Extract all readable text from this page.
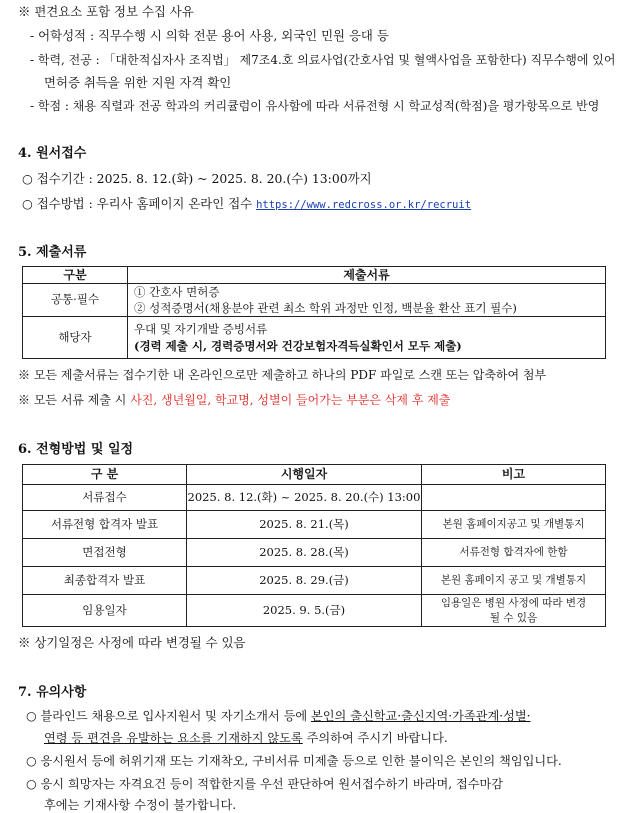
※ 편견요소 포함 정보 수집 사유
- 어학성적 : 직무수행 시 의학 전문 용어 사용, 외국인 민원 응대 등
- 학력, 전공 : 「대한적십자사 조직법」 제7조4.호 의료사업(간호사업 및 혈액사업을 포함한다) 직무수행에 있어
면허증 취득을 위한 지원 자격 확인
- 학점 : 채용 직렬과 전공 학과의 커리큘럼이 유사함에 따라 서류전형 시 학교성적(학점)을 평가항목으로 반영
4. 원서접수
○ 접수기간 : 2025. 8. 12.(화) ~ 2025. 8. 20.(수) 13:00까지
○ 접수방법 : 우리사 홈페이지 온라인 접수 https://www.redcross.or.kr/recruit
5. 제출서류
구분	제출서류
공통·필수	① 간호사 면허증
② 성적증명서(채용분야 관련 최소 학위 과정만 인정, 백분율 환산 표기 필수)

해당자	우대 및 자기개발 증빙서류
(경력 제출 시, 경력증명서와 건강보험자격득실확인서 모두 제출)
※ 모든 제출서류는 접수기한 내 온라인으로만 제출하고 하나의 PDF 파일로 스캔 또는 압축하여 첨부
※ 모든 서류 제출 시 사진, 생년월일, 학교명, 성별이 들어가는 부분은 삭제 후 제출
6. 전형방법 및 일정
구 분	시행일자	비고
서류접수	2025. 8. 12.(화) ~ 2025. 8. 20.(수) 13:00	
서류전형 합격자 발표	2025. 8. 21.(목)	본원 홈페이지공고 및 개별통지
면접전형	2025. 8. 28.(목)	서류전형 합격자에 한함
최종합격자 발표	2025. 8. 29.(금)	본원 홈페이지 공고 및 개별통지
임용일자	2025. 9. 5.(금)	임용일은 병원 사정에 따라 변경될 수 있음
※ 상기일정은 사정에 따라 변경될 수 있음
7. 유의사항
○ 블라인드 채용으로 입사지원서 및 자기소개서 등에 본인의 출신학교·출신지역·가족관계·성별·
연령 등 편견을 유발하는 요소를 기재하지 않도록 주의하여 주시기 바랍니다.
○ 응시원서 등에 허위기재 또는 기재착오, 구비서류 미제출 등으로 인한 불이익은 본인의 책임입니다.
○ 응시 희망자는 자격요건 등이 적합한지를 우선 판단하여 원서접수하기 바라며, 접수마감
후에는 기재사항 수정이 불가합니다.
